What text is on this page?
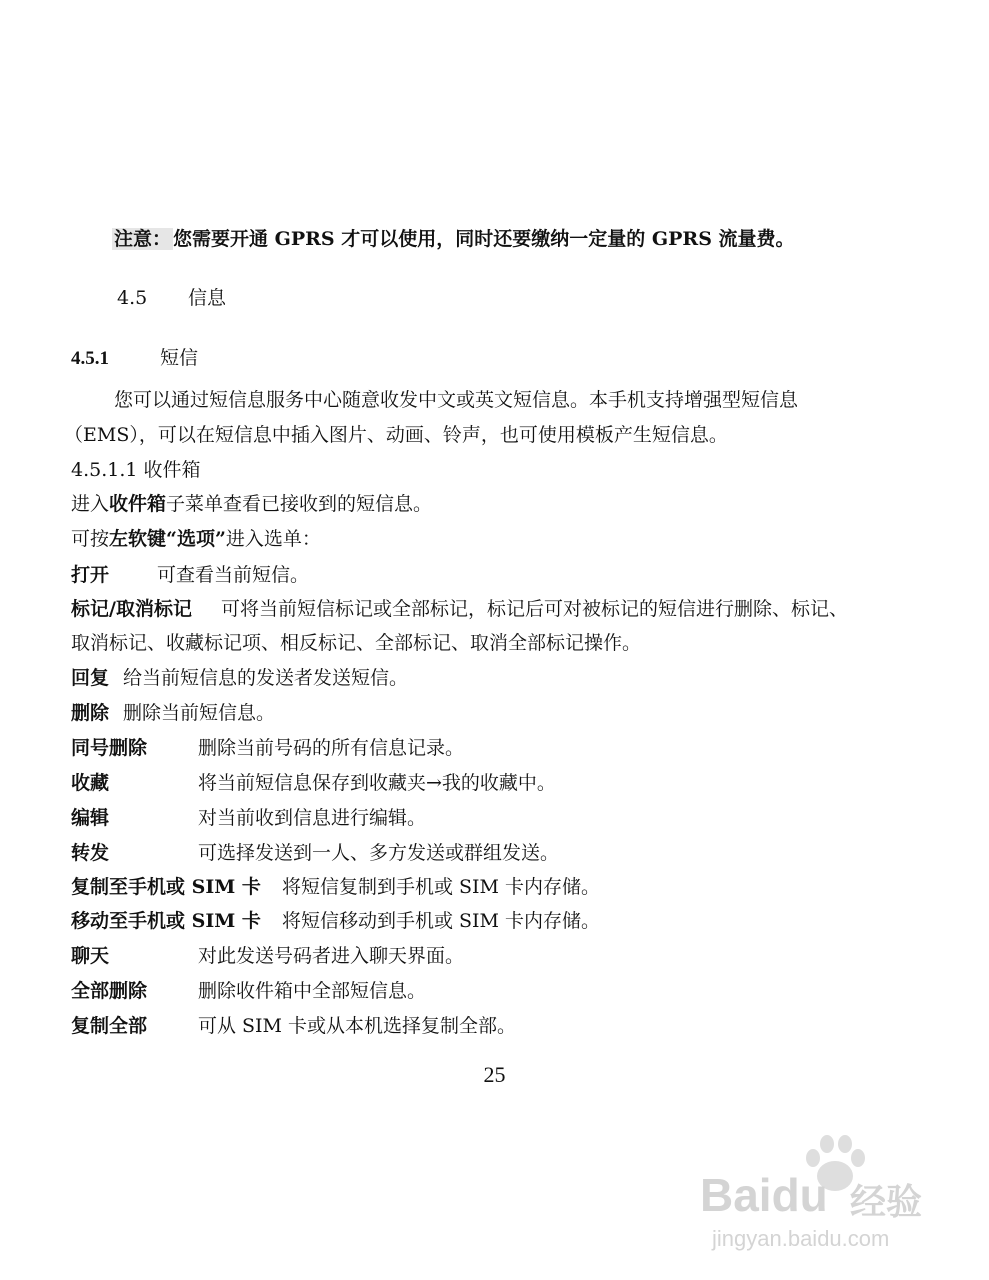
注意： 您需要开通 GPRS 才可以使用，同时还要缴纳一定量的 GPRS 流量费。
4.5 信息
4.5.1	短信
您可以通过短信息服务中心随意收发中文或英文短信息。本手机支持增强型短信息
（EMS），可以在短信息中插入图片、动画、铃声，也可使用模板产生短信息。
4.5.1.1 收件箱
进入收件箱子菜单查看已接收到的短信息。
可按左软键“选项”进入选单：
打开	可查看当前短信。
标记/取消标记 可将当前短信标记或全部标记，标记后可对被标记的短信进行删除、标记、
取消标记、收藏标记项、相反标记、全部标记、取消全部标记操作。
回复 给当前短信息的发送者发送短信。
删除 删除当前短信息。
同号删除	删除当前号码的所有信息记录。
收藏	将当前短信息保存到收藏夹→我的收藏中。
编辑	对当前收到信息进行编辑。
转发	可选择发送到一人、多方发送或群组发送。
复制至手机或 SIM 卡 将短信复制到手机或 SIM 卡内存储。
移动至手机或 SIM 卡 将短信移动到手机或 SIM 卡内存储。
聊天	对此发送号码者进入聊天界面。
全部删除	删除收件箱中全部短信息。
复制全部	可从 SIM 卡或从本机选择复制全部。
25
Baidu 经验
jingyan.baidu.com
